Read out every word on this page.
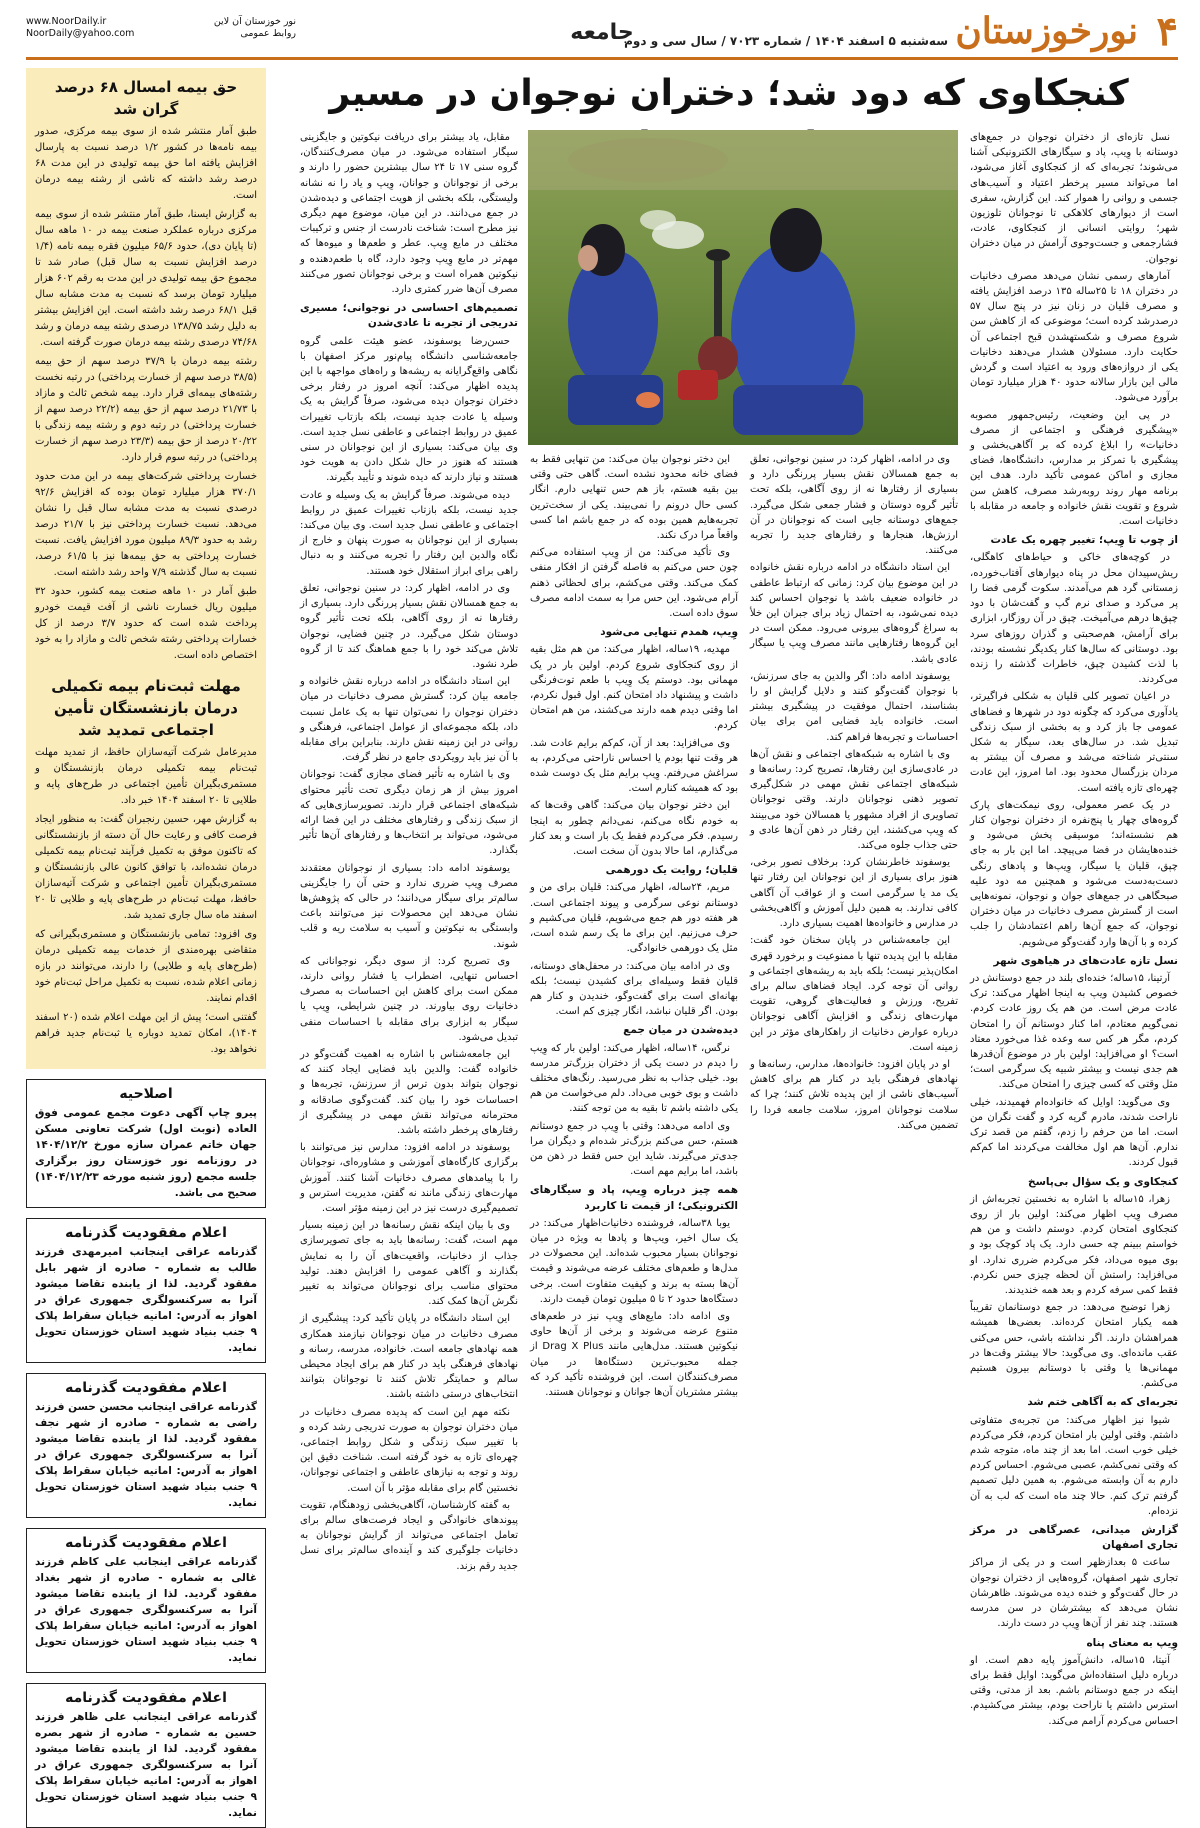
۴
نورخوزستان
سه‌شنبه ۵ اسفند ۱۴۰۴ / شماره ۷۰۲۳ / سال سی و دوم
جامعه
www.NoorDaily.ir
NoorDaily@yahoo.com
نور خوزستان آن لاین
روابط عمومی
حق بیمه امسال ۶۸ درصد گران شد

طبق آمار منتشر شده از سوی بیمه مرکزی، صدور بیمه نامه‌ها در کشور ۱/۲ درصد نسبت به پارسال افزایش یافته اما حق بیمه تولیدی در این مدت ۶۸ درصد رشد داشته که ناشی از رشته بیمه درمان است.

به گزارش ایسنا، طبق آمار منتشر شده از سوی بیمه مرکزی درباره عملکرد صنعت بیمه در ۱۰ ماهه سال (تا پایان دی)، حدود ۶۵/۶ میلیون فقره بیمه نامه (۱/۴ درصد افزایش نسبت به سال قبل) صادر شد تا مجموع حق بیمه تولیدی در این مدت به رقم ۶۰۲ هزار میلیارد تومان برسد که نسبت به مدت مشابه سال قبل ۶۸/۱ درصد رشد داشته است. این افزایش بیشتر به دلیل رشد ۱۳۸/۷۵ درصدی رشته بیمه درمان و رشد ۷۴/۶۸ درصدی رشته بیمه درمان صورت گرفته است.

رشته بیمه درمان با ۳۷/۹ درصد سهم از حق بیمه (۳۸/۵ درصد سهم از خسارت پرداختی) در رتبه نخست رشته‌های بیمه‌ای قرار دارد. بیمه شخص ثالث و مازاد با ۲۱/۷۳ درصد سهم از حق بیمه (۲۲/۲ درصد سهم از خسارت پرداختی) در رتبه دوم و رشته بیمه زندگی با ۲۰/۲۲ درصد از حق بیمه (۲۳/۳ درصد سهم از خسارت پرداختی) در رتبه سوم قرار دارد.

خسارت پرداختی شرکت‌های بیمه در این مدت حدود ۳۷۰/۱ هزار میلیارد تومان بوده که افزایش ۹۲/۶ درصدی نسبت به مدت مشابه سال قبل را نشان می‌دهد. نسبت خسارت پرداختی نیز با ۲۱/۷ درصد رشد به حدود ۸۹/۳ میلیون مورد افزایش یافت. نسبت خسارت پرداختی به حق بیمه‌ها نیز با ۶۱/۵ درصد، نسبت به سال گذشته ۷/۹ واحد رشد داشته است.

طبق آمار در ۱۰ ماهه صنعت بیمه کشور، حدود ۳۲ میلیون ریال خسارت ناشی از آفت قیمت خودرو پرداخت شده است که حدود ۳/۷ درصد از کل خسارات پرداختی رشته شخص ثالث و مازاد را به خود اختصاص داده است.

مهلت ثبت‌نام بیمه تکمیلی درمان بازنشستگان تأمین اجتماعی تمدید شد

مدیرعامل شرکت آتیه‌سازان حافظ، از تمدید مهلت ثبت‌نام بیمه تکمیلی درمان بازنشستگان و مستمری‌بگیران تأمین اجتماعی در طرح‌های پایه و طلایی تا ۲۰ اسفند ۱۴۰۴ خبر داد.

به گزارش مهر، حسین رنجبران گفت: به منظور ایجاد فرصت کافی و رعایت حال آن دسته از بازنشستگانی که تاکنون موفق به تکمیل فرآیند ثبت‌نام بیمه تکمیلی درمان نشده‌اند، با توافق کانون عالی بازنشستگان و مستمری‌بگیران تأمین اجتماعی و شرکت آتیه‌سازان حافظ، مهلت ثبت‌نام در طرح‌های پایه و طلایی تا ۲۰ اسفند ماه سال جاری تمدید شد.

وی افزود: تمامی بازنشستگان و مستمری‌بگیرانی که متقاضی بهره‌مندی از خدمات بیمه تکمیلی درمان (طرح‌های پایه و طلایی) را دارند، می‌توانند در بازه زمانی اعلام شده، نسبت به تکمیل مراحل ثبت‌نام خود اقدام نمایند.

گفتنی است؛ پیش از این مهلت اعلام شده (۲۰ اسفند ۱۴۰۴)، امکان تمدید دوباره یا ثبت‌نام جدید فراهم نخواهد بود.

اصلاحیه
پیرو چاپ آگهی دعوت مجمع عمومی فوق العاده (نوبت اول) شرکت تعاونی مسکن جهان خاتم عمران سازه مورخ ۱۴۰۴/۱۲/۲ در روزنامه نور خوزستان روز برگزاری جلسه مجمع (روز شنبه مورخه ۱۴۰۴/۱۲/۲۳) صحیح می باشد.
اعلام مفقودیت گذرنامه
گذرنامه عراقی اینجانب امیرمهدی فرزند طالب به شماره - صادره از شهر بابل مفقود گردید. لذا از یابنده تقاضا میشود آنرا به سرکنسولگری جمهوری عراق در اهواز به آدرس: امانیه خیابان سقراط پلاک ۹ جنب بنیاد شهید استان خوزستان تحویل نماید.
اعلام مفقودیت گذرنامه
گذرنامه عراقی اینجانب محسن حسن فرزند راضی به شماره - صادره از شهر نجف مفقود گردید. لذا از یابنده تقاضا میشود آنرا به سرکنسولگری جمهوری عراق در اهواز به آدرس: امانیه خیابان سقراط پلاک ۹ جنب بنیاد شهید استان خوزستان تحویل نماید.
اعلام مفقودیت گذرنامه
گذرنامه عراقی اینجانب علی کاظم فرزند غالی به شماره - صادره از شهر بغداد مفقود گردید. لذا از یابنده تقاضا میشود آنرا به سرکنسولگری جمهوری عراق در اهواز به آدرس: امانیه خیابان سقراط پلاک ۹ جنب بنیاد شهید استان خوزستان تحویل نماید.
اعلام مفقودیت گذرنامه
گذرنامه عراقی اینجانب علی ظاهر فرزند حسین به شماره - صادره از شهر بصره مفقود گردید. لذا از یابنده تقاضا میشود آنرا به سرکنسولگری جمهوری عراق در اهواز به آدرس: امانیه خیابان سقراط پلاک ۹ جنب بنیاد شهید استان خوزستان تحویل نماید.
کنجکاوی که دود شد؛ دختران نوجوان در مسیر

نسل تازه‌ای از دختران نوجوان در جمع‌های دوستانه با وِیپ، پاد و سیگارهای الکترونیکی آشنا می‌شوند؛ تجربه‌ای که از کنجکاوی آغاز می‌شود، اما می‌تواند مسیر پرخطر اعتیاد و آسیب‌های جسمی و روانی را هموار کند. این گزارش، سفری است از دیوارهای کلاهکی تا نوجوانان تلوزیون شهر؛ روایتی انسانی از کنجکاوی، عادت، فشارجمعی و جست‌وجوی آرامش در میان دختران نوجوان.

آمارهای رسمی نشان می‌دهد مصرف دخانیات در دختران ۱۸ تا ۲۵ساله ۱۳۵ درصد افزایش یافته و مصرف قلیان در زنان نیز در پنج سال ۵۷ درصدرشد کرده است؛ موضوعی که از کاهش سن شروع مصرف و شکستهشدن قبح اجتماعی آن حکایت دارد. مسئولان هشدار می‌دهند دخانیات یکی از دروازه‌های ورود به اعتیاد است و گردش مالی این بازار سالانه حدود ۴۰ هزار میلیارد تومان برآورد می‌شود.

در پی این وضعیت، رئیس‌جمهور مصوبه «پیشگیری فرهنگی و اجتماعی از مصرف دخانیات» را ابلاغ کرده که بر آگاهی‌بخشی و پیشگیری با تمرکز بر مدارس، دانشگاه‌ها، فضای مجازی و اماکن عمومی تأکید دارد. هدف این برنامه مهار روند رو‌به‌رشد مصرف، کاهش سن شروع و تقویت نقش خانواده و جامعه در مقابله با دخانیات است.

از چوب تا وِیپ؛ تغییر چهره یک عادت

در کوچه‌های خاکی و حیاط‌های کاهگلی، ریش‌سپیدان محل در پناه دیوارهای آفتاب‌خورده، زمستانی گرد هم می‌آمدند. سکوت گرمی فضا را پر می‌کرد و صدای نرم گپ و گفت‌شان با دود چپق‌ها درهم می‌آمیخت. چپق در آن روزگار، ابزاری برای آرامش، هم‌صحبتی و گذران روزهای سرد بود. دوستانی که سال‌ها کنار یکدیگر نشسته بودند، با لذت کشیدن چپق، خاطرات گذشته را زنده می‌کردند.

در اعیان تصویر کلی قلیان به شکلی فراگیرتر، یادآوری می‌کرد که چگونه دود در شهرها و فضاهای عمومی جا باز کرد و به بخشی از سبک زندگی تبدیل شد. در سال‌های بعد، سیگار به شکل سنتی‌تر شناخته می‌شد و مصرف آن بیشتر به مردان بزرگسال محدود بود. اما امروز، این عادت چهره‌ای تازه یافته است.

در یک عصر معمولی، روی نیمکت‌های پارک گروه‌های چهار یا پنج‌نفره از دختران نوجوان کنار هم نشسته‌اند؛ موسیقی پخش می‌شود و خنده‌هایشان در فضا می‌پیچد. اما این بار به جای چپق، قلیان یا سیگار، وِیپ‌ها و پادهای رنگی دست‌به‌دست می‌شود و همچنین مه دود علیه صبحگاهی در جمع‌های جوان و نوجوان، نمونه‌هایی است از گسترش مصرف دخانیات در میان دختران نوجوان، که جمع آن‌ها راهم اعتمادشان را جلب کرده و با آن‌ها وارد گفت‌وگو می‌شویم.

نسل تازه عادت‌های در هیاهوی شهر

آرتینا، ۱۵ساله؛ خنده‌ای بلند در جمع دوستانش در خصوص کشیدن ویپ به اینجا اظهار می‌کند: ترک عادت مرض است. من هم یک روز عادت کردم. نمی‌گویم معتادم، اما کنار دوستانم آن را امتحان کردم، مگر هر کس سه وعده غذا می‌خورد معتاد است؟ او می‌افزاید: اولین بار در موضوع آن‌قدرها هم جدی نیست و بیشتر شبیه یک سرگرمی است؛ مثل وقتی که کسی چیزی را امتحان می‌کند.

وی می‌گوید: اوایل که خانواده‌ام فهمیدند، خیلی ناراحت شدند، مادرم گریه کرد و گفت نگران من است. اما من حرفم را زدم، گفتم من قصد ترک ندارم. آن‌ها هم اول مخالفت می‌کردند اما کم‌کم قبول کردند.

کنجکاوی و یک سؤال بی‌پاسخ

زهرا، ۱۵ساله با اشاره به نخستین تجربه‌اش از مصرف وِیپ اظهار می‌کند: اولین بار از روی کنجکاوی امتحان کردم. دوستم داشت و من هم خواستم ببینم چه حسی دارد. یک پاد کوچک بود و بوی میوه می‌داد، فکر می‌کردم ضرری ندارد. او می‌افزاید: راستش آن لحظه چیزی حس نکردم. فقط کمی سرفه کردم و بعد همه خندیدند.

زهرا توضیح می‌دهد: در جمع دوستانمان تقریباً همه یکبار امتحان کرده‌اند. بعضی‌ها همیشه همراهشان دارند. اگر نداشته باشی، حس می‌کنی عقب مانده‌ای. وی می‌گوید: حالا بیشتر وقت‌ها در مهمانی‌ها یا وقتی با دوستانم بیرون هستیم می‌کشم.

تجربه‌ای که به آگاهی ختم شد

شیوا نیز اظهار می‌کند: من تجربه‌ی متفاوتی داشتم. وقتی اولین بار امتحان کردم، فکر می‌کردم خیلی خوب است. اما بعد از چند ماه، متوجه شدم که وقتی نمی‌کشم، عصبی می‌شوم. احساس کردم دارم به آن وابسته می‌شوم. به همین دلیل تصمیم گرفتم ترک کنم. حالا چند ماه است که لب به آن نزده‌ام.

گزارش میدانی، عصرگاهی در مرکز تجاری اصفهان

ساعت ۵ بعدازظهر است و در یکی از مراکز تجاری شهر اصفهان، گروه‌هایی از دختران نوجوان در حال گفت‌وگو و خنده دیده می‌شوند. ظاهرشان نشان می‌دهد که بیشترشان در سن مدرسه هستند. چند نفر از آن‌ها وِیپ در دست دارند.

وِیپ به معنای پناه

آنیتا، ۱۵ساله، دانش‌آموز پایه دهم است. او درباره دلیل استفاده‌اش می‌گوید: اوایل فقط برای اینکه در جمع دوستانم باشم. بعد از مدتی، وقتی استرس داشتم یا ناراحت بودم، بیشتر می‌کشیدم. احساس می‌کردم آرامم می‌کند.

وی در ادامه، اظهار کرد: در سنین نوجوانی، تعلق به جمع همسالان نقش بسیار پررنگی دارد و بسیاری از رفتارها نه از روی آگاهی، بلکه تحت تأثیر گروه دوستان و فشار جمعی شکل می‌گیرد. جمع‌های دوستانه جایی است که نوجوانان در آن ارزش‌ها، هنجارها و رفتارهای جدید را تجربه می‌کنند.

این استاد دانشگاه در ادامه درباره نقش خانواده در این موضوع بیان کرد: زمانی که ارتباط عاطفی در خانواده ضعیف باشد یا نوجوان احساس کند دیده نمی‌شود، به احتمال زیاد برای جبران این خلأ به سراغ گروه‌های بیرونی می‌رود. ممکن است در این گروه‌ها رفتارهایی مانند مصرف وِیپ یا سیگار عادی باشد.

یوسفوند ادامه داد: اگر والدین به جای سرزنش، با نوجوان گفت‌وگو کنند و دلایل گرایش او را بشناسند، احتمال موفقیت در پیشگیری بیشتر است. خانواده باید فضایی امن برای بیان احساسات و تجربه‌ها فراهم کند.

وی با اشاره به شبکه‌های اجتماعی و نقش آن‌ها در عادی‌سازی این رفتارها، تصریح کرد: رسانه‌ها و شبکه‌های اجتماعی نقش مهمی در شکل‌گیری تصویر ذهنی نوجوانان دارند. وقتی نوجوانان تصاویری از افراد مشهور یا همسالان خود می‌بینند که وِیپ می‌کشند، این رفتار در ذهن آن‌ها عادی و حتی جذاب جلوه می‌کند.

یوسفوند خاطرنشان کرد: برخلاف تصور برخی، هنوز برای بسیاری از این نوجوانان این رفتار تنها یک مد یا سرگرمی است و از عواقب آن آگاهی کافی ندارند. به همین دلیل آموزش و آگاهی‌بخشی در مدارس و خانواده‌ها اهمیت بسیاری دارد.

این جامعه‌شناس در پایان سخنان خود گفت: مقابله با این پدیده تنها با ممنوعیت و برخورد قهری امکان‌پذیر نیست؛ بلکه باید به ریشه‌های اجتماعی و روانی آن توجه کرد. ایجاد فضاهای سالم برای تفریح، ورزش و فعالیت‌های گروهی، تقویت مهارت‌های زندگی و افزایش آگاهی نوجوانان درباره عوارض دخانیات از راهکارهای مؤثر در این زمینه است.

او در پایان افزود: خانواده‌ها، مدارس، رسانه‌ها و نهادهای فرهنگی باید در کنار هم برای کاهش آسیب‌های ناشی از این پدیده تلاش کنند؛ چرا که سلامت نوجوانان امروز، سلامت جامعه فردا را تضمین می‌کند.

این دختر نوجوان بیان می‌کند: من تنهایی فقط به فضای خانه محدود نشده است. گاهی حتی وقتی بین بقیه هستم، باز هم حس تنهایی دارم. انگار کسی حال درونم را نمی‌بیند. یکی از سخت‌ترین تجربه‌هایم همین بوده که در جمع باشم اما کسی واقعاً مرا درک نکند.

وی تأکید می‌کند: من از وِیپ استفاده می‌کنم چون حس می‌کنم به فاصله گرفتن از افکار منفی کمک می‌کند. وقتی می‌کشم، برای لحظاتی ذهنم آرام می‌شود. این حس مرا به سمت ادامه مصرف سوق داده است.

وِیپ، همدم تنهایی می‌شود

مهدیه، ۱۹ساله، اظهار می‌کند: من هم مثل بقیه از روی کنجکاوی شروع کردم. اولین بار در یک مهمانی بود. دوستم یک وِیپ با طعم توت‌فرنگی داشت و پیشنهاد داد امتحان کنم. اول قبول نکردم، اما وقتی دیدم همه دارند می‌کشند، من هم امتحان کردم.

وی می‌افزاید: بعد از آن، کم‌کم برایم عادت شد. هر وقت تنها بودم یا احساس ناراحتی می‌کردم، به سراغش می‌رفتم. وِیپ برایم مثل یک دوست شده بود که همیشه کنارم است.

این دختر نوجوان بیان می‌کند: گاهی وقت‌ها که به خودم نگاه می‌کنم، نمی‌دانم چطور به اینجا رسیدم. فکر می‌کردم فقط یک بار است و بعد کنار می‌گذارم، اما حالا بدون آن سخت است.

قلیان؛ روایت یک دورهمی

مریم، ۲۴ساله، اظهار می‌کند: قلیان برای من و دوستانم نوعی سرگرمی و پیوند اجتماعی است. هر هفته دور هم جمع می‌شویم، قلیان می‌کشیم و حرف می‌زنیم. این برای ما یک رسم شده است، مثل یک دورهمی خانوادگی.

وی در ادامه بیان می‌کند: در محفل‌های دوستانه، قلیان فقط وسیله‌ای برای کشیدن نیست؛ بلکه بهانه‌ای است برای گفت‌وگو، خندیدن و کنار هم بودن. اگر قلیان نباشد، انگار چیزی کم است.

دیده‌شدن در میان جمع

نرگس، ۱۴ساله، اظهار می‌کند: اولین بار که وِیپ را دیدم در دست یکی از دختران بزرگ‌تر مدرسه بود. خیلی جذاب به نظر می‌رسید. رنگ‌های مختلف داشت و بوی خوبی می‌داد. دلم می‌خواست من هم یکی داشته باشم تا بقیه به من توجه کنند.

وی ادامه می‌دهد: وقتی با وِیپ در جمع دوستانم هستم، حس می‌کنم بزرگ‌تر شده‌ام و دیگران مرا جدی‌تر می‌گیرند. شاید این حس فقط در ذهن من باشد، اما برایم مهم است.

همه چیز درباره وِیپ، پاد و سیگارهای الکترونیکی؛ از قیمت تا کاربرد

یوبا ۳۸ساله، فروشنده دخانیات‌اظهار می‌کند: در یک سال اخیر، ویپ‌ها و پادها به ویژه در میان نوجوانان بسیار محبوب شده‌اند. این محصولات در مدل‌ها و طعم‌های مختلف عرضه می‌شوند و قیمت آن‌ها بسته به برند و کیفیت متفاوت است. برخی دستگاه‌ها حدود ۲ تا ۵ میلیون تومان قیمت دارند.

وی ادامه داد: مایع‌های وِیپ نیز در طعم‌های متنوع عرضه می‌شوند و برخی از آن‌ها حاوی نیکوتین هستند. مدل‌هایی مانند Drag X Plus از جمله محبوب‌ترین دستگاه‌ها در میان مصرف‌کنندگان است. این فروشنده تأکید کرد که بیشتر مشتریان آن‌ها جوانان و نوجوانان هستند.

مقابل، یاد بیشتر برای دریافت نیکوتین و جایگزینی سیگار استفاده می‌شود. در میان مصرف‌کنندگان، گروه سنی ۱۷ تا ۲۴ سال بیشترین حضور را دارند و برخی از نوجوانان و جوانان، وِیپ و یاد را نه نشانه ولیستگی، بلکه بخشی از هویت اجتماعی و دیده‌شدن در جمع می‌دانند. در این میان، موضوع مهم دیگری نیز مطرح است: شناخت نادرست از جنس و ترکیبات مختلف در مایع وِیپ. عطر و طعم‌ها و میوه‌ها که مهم‌تر در مایع وِیپ وجود دارد، گاه با طعم‌دهنده و نیکوتین همراه است و برخی نوجوانان تصور می‌کنند مصرف آن‌ها ضرر کمتری دارد.

تصمیم‌های احساسی در نوجوانی؛ مسیری تدریجی از تجربه تا عادی‌شدن

حسن‌رضا یوسفوند، عضو هیئت علمی گروه جامعه‌شناسی دانشگاه پیام‌نور مرکز اصفهان با نگاهی واقع‌گرایانه به ریشه‌ها و راه‌های مواجهه با این پدیده اظهار می‌کند: آنچه امروز در رفتار برخی دختران نوجوان دیده می‌شود، صرفاً گرایش به یک وسیله یا عادت جدید نیست، بلکه بازتاب تغییرات عمیق در روابط اجتماعی و عاطفی نسل جدید است. وی بیان می‌کند: بسیاری از این نوجوانان در سنی هستند که هنوز در حال شکل دادن به هویت خود هستند و نیاز دارند که دیده شوند و تأیید بگیرند.

دیده می‌شوند. صرفاً گرایش به یک وسیله و عادت جدید نیست، بلکه بازتاب تغییرات عمیق در روابط اجتماعی و عاطفی نسل جدید است. وی بیان می‌کند: بسیاری از این نوجوانان به صورت پنهان و خارج از نگاه والدین این رفتار را تجربه می‌کنند و به دنبال راهی برای ابراز استقلال خود هستند.

وی در ادامه، اظهار کرد: در سنین نوجوانی، تعلق به جمع همسالان نقش بسیار پررنگی دارد. بسیاری از رفتارها نه از روی آگاهی، بلکه تحت تأثیر گروه دوستان شکل می‌گیرد. در چنین فضایی، نوجوان تلاش می‌کند خود را با جمع هماهنگ کند تا از گروه طرد نشود.

این استاد دانشگاه در ادامه درباره نقش خانواده و جامعه بیان کرد: گسترش مصرف دخانیات در میان دختران نوجوان را نمی‌توان تنها به یک عامل نسبت داد، بلکه مجموعه‌ای از عوامل اجتماعی، فرهنگی و روانی در این زمینه نقش دارند. بنابراین برای مقابله با آن نیز باید رویکردی جامع در نظر گرفت.

وی با اشاره به تأثیر فضای مجازی گفت: نوجوانان امروز بیش از هر زمان دیگری تحت تأثیر محتوای شبکه‌های اجتماعی قرار دارند. تصویرسازی‌هایی که از سبک زندگی و رفتارهای مختلف در این فضا ارائه می‌شود، می‌تواند بر انتخاب‌ها و رفتارهای آن‌ها تأثیر بگذارد.

یوسفوند ادامه داد: بسیاری از نوجوانان معتقدند مصرف وِیپ ضرری ندارد و حتی آن را جایگزینی سالم‌تر برای سیگار می‌دانند؛ در حالی که پژوهش‌ها نشان می‌دهد این محصولات نیز می‌توانند باعث وابستگی به نیکوتین و آسیب به سلامت ریه و قلب شوند.

وی تصریح کرد: از سوی دیگر، نوجوانانی که احساس تنهایی، اضطراب یا فشار روانی دارند، ممکن است برای کاهش این احساسات به مصرف دخانیات روی بیاورند. در چنین شرایطی، وِیپ یا سیگار به ابزاری برای مقابله با احساسات منفی تبدیل می‌شود.

این جامعه‌شناس با اشاره به اهمیت گفت‌وگو در خانواده گفت: والدین باید فضایی ایجاد کنند که نوجوان بتواند بدون ترس از سرزنش، تجربه‌ها و احساسات خود را بیان کند. گفت‌وگوی صادقانه و محترمانه می‌تواند نقش مهمی در پیشگیری از رفتارهای پرخطر داشته باشد.

یوسفوند در ادامه افزود: مدارس نیز می‌توانند با برگزاری کارگاه‌های آموزشی و مشاوره‌ای، نوجوانان را با پیامدهای مصرف دخانیات آشنا کنند. آموزش مهارت‌های زندگی مانند نه گفتن، مدیریت استرس و تصمیم‌گیری درست نیز در این زمینه مؤثر است.

وی با بیان اینکه نقش رسانه‌ها در این زمینه بسیار مهم است، گفت: رسانه‌ها باید به جای تصویرسازی جذاب از دخانیات، واقعیت‌های آن را به نمایش بگذارند و آگاهی عمومی را افزایش دهند. تولید محتوای مناسب برای نوجوانان می‌تواند به تغییر نگرش آن‌ها کمک کند.

این استاد دانشگاه در پایان تأکید کرد: پیشگیری از مصرف دخانیات در میان نوجوانان نیازمند همکاری همه نهادهای جامعه است. خانواده، مدرسه، رسانه و نهادهای فرهنگی باید در کنار هم برای ایجاد محیطی سالم و حمایتگر تلاش کنند تا نوجوانان بتوانند انتخاب‌های درستی داشته باشند.

نکته مهم این است که پدیده مصرف دخانیات در میان دختران نوجوان به صورت تدریجی رشد کرده و با تغییر سبک زندگی و شکل روابط اجتماعی، چهره‌ای تازه به خود گرفته است. شناخت دقیق این روند و توجه به نیازهای عاطفی و اجتماعی نوجوانان، نخستین گام برای مقابله مؤثر با آن است.

به گفته کارشناسان، آگاهی‌بخشی زودهنگام، تقویت پیوندهای خانوادگی و ایجاد فرصت‌های سالم برای تعامل اجتماعی می‌تواند از گرایش نوجوانان به دخانیات جلوگیری کند و آینده‌ای سالم‌تر برای نسل جدید رقم بزند.
